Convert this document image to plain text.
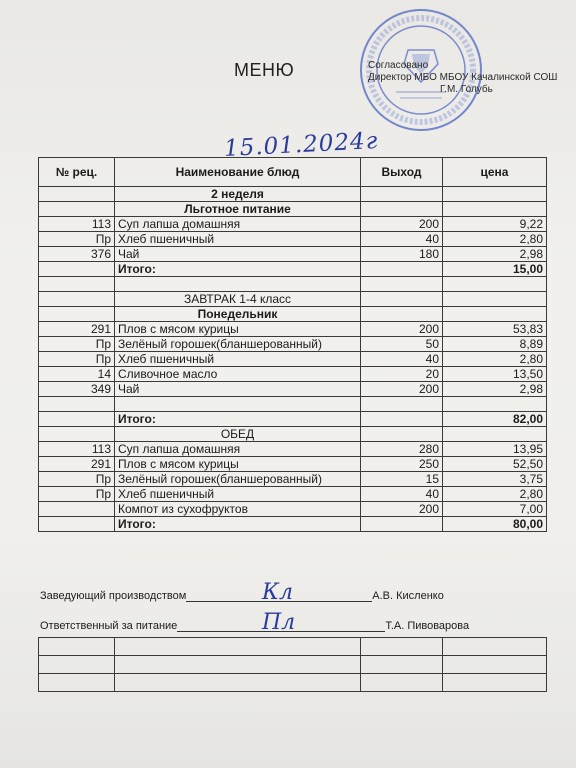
МЕНЮ	Согласовано
Директор МБО МБОУ Качалинской СОШ
Г.М. Голубь
15.01.2024г
№ рец.	Наименование блюд	Выход	цена
	2 неделя		
	Льготное питание		
113	Суп лапша домашняя	200	9,22
Пр	Хлеб пшеничный	40	2,80
376	Чай	180	2,98
	Итого:		15,00

	ЗАВТРАК 1-4 класс		
	Понедельник		
291	Плов с мясом курицы	200	53,83
Пр	Зелёный горошек(бланшерованный)	50	8,89
Пр	Хлеб пшеничный	40	2,80
14	Сливочное масло	20	13,50
349	Чай	200	2,98

	Итого:		82,00
	ОБЕД		
113	Суп лапша домашняя	280	13,95
291	Плов с мясом курицы	250	52,50
Пр	Зелёный горошек(бланшерованный)	15	3,75
Пр	Хлеб пшеничный	40	2,80
	Компот из сухофруктов	200	7,00
	Итого:		80,00
Заведующий производством	А.В. Кисленко
Кл
Ответственный за питание	Т.А. Пивоварова
Пл
